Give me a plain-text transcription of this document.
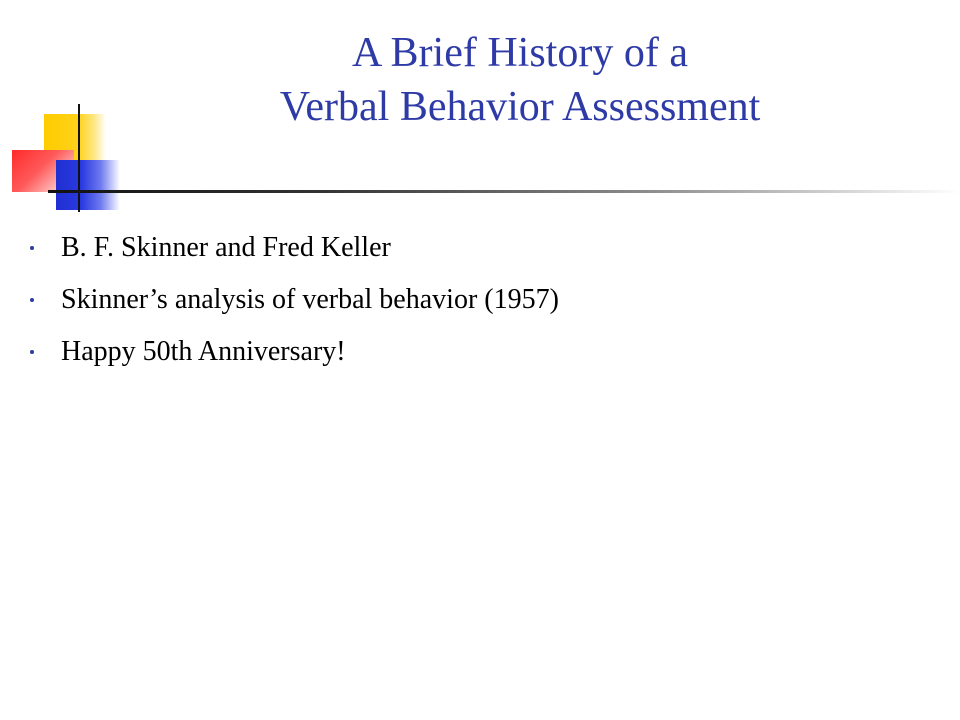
A Brief History of a
Verbal Behavior Assessment
B. F. Skinner and Fred Keller
Skinner’s analysis of verbal behavior (1957)
Happy 50th Anniversary!
